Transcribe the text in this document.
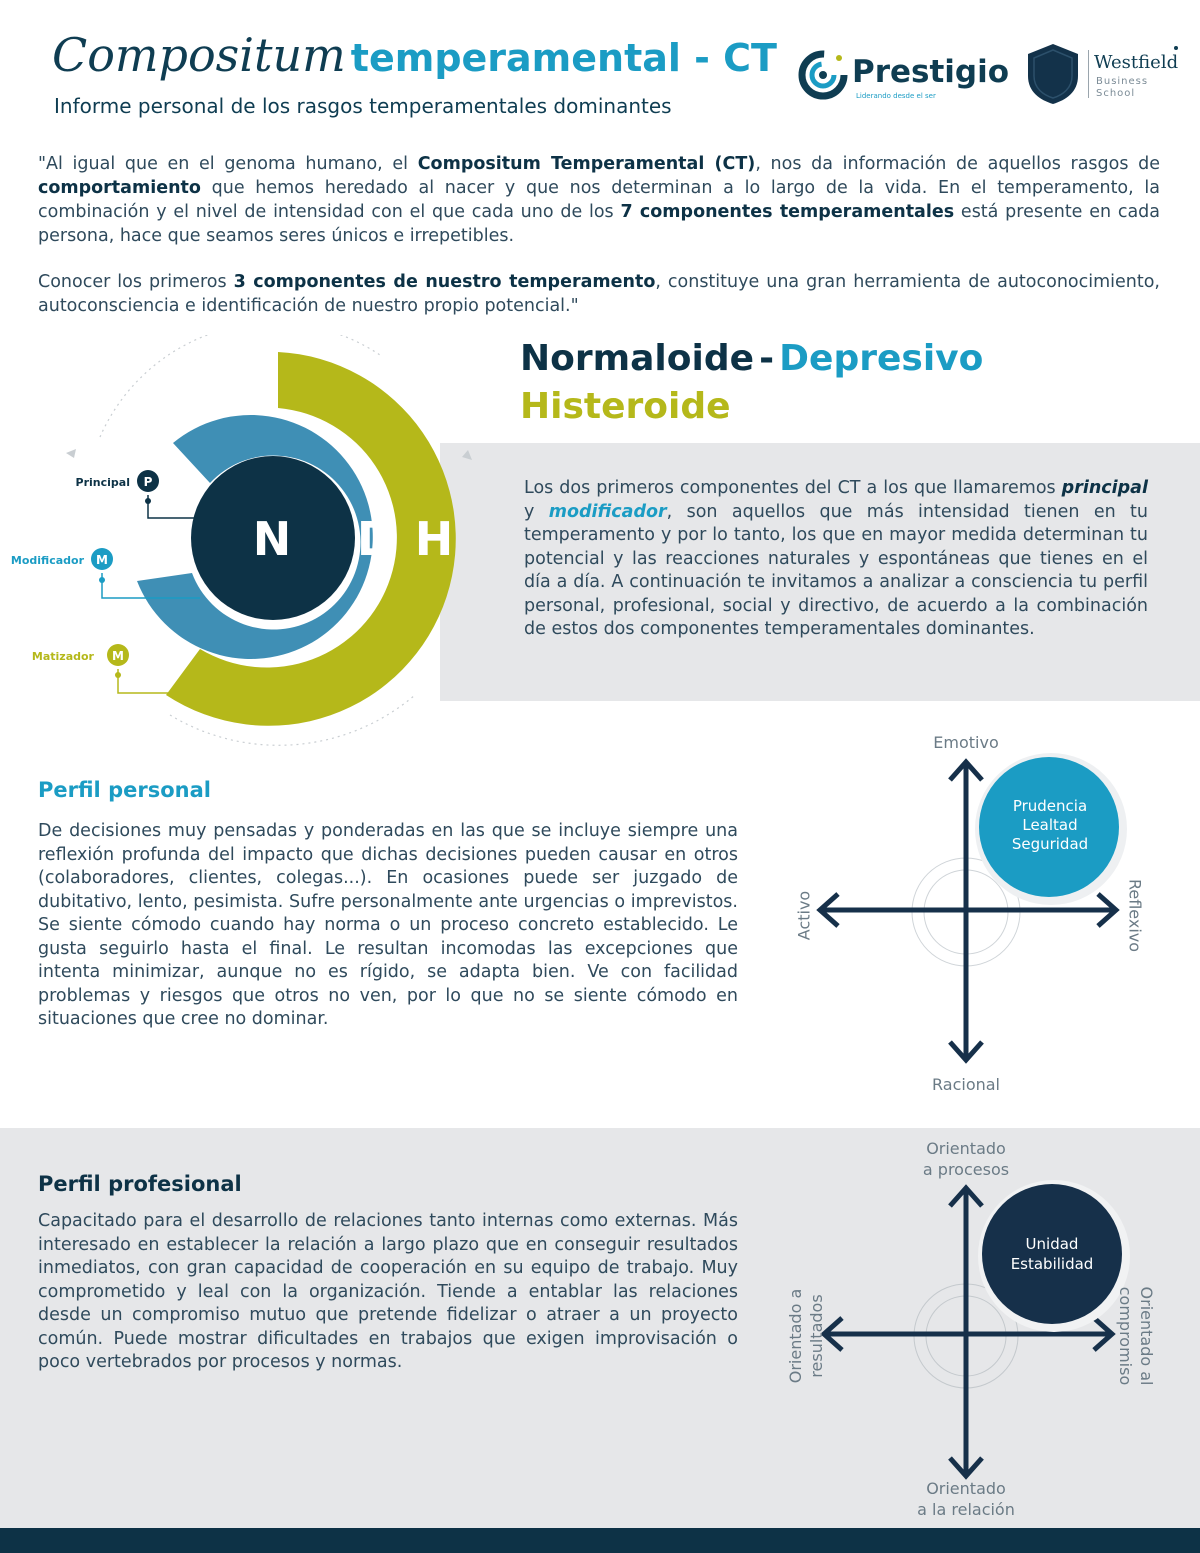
Compositum temperamental - CT
Informe personal de los rasgos temperamentales dominantes
Prestigio
Liderando desde el ser
Westfield
Business
School
"Al igual que en el genoma humano, el Compositum Temperamental (CT), nos da información de aquellos rasgos de comportamiento que hemos heredado al nacer y que nos determinan a lo largo de la vida. En el temperamento, la combinación y el nivel de intensidad con el que cada uno de los 7 componentes temperamentales está presente en cada persona, hace que seamos seres únicos e irrepetibles.
Conocer los primeros 3 componentes de nuestro temperamento, constituye una gran herramienta de autoconocimiento, autoconsciencia e identificación de nuestro propio potencial."
N D H
P
M
M
Principal
Modificador
Matizador
Normaloide - Depresivo
Histeroide
Los dos primeros componentes del CT a los que llamaremos principal y modificador, son aquellos que más intensidad tienen en tu temperamento y por lo tanto, los que en mayor medida determinan tu potencial y las reacciones naturales y espontáneas que tienes en el día a día. A continuación te invitamos a analizar a consciencia tu perfil personal, profesional, social y directivo, de acuerdo a la combinación de estos dos componentes temperamentales dominantes.
Perfil personal
De decisiones muy pensadas y ponderadas en las que se incluye siempre una reflexión profunda del impacto que dichas decisiones pueden causar en otros (colaboradores, clientes, colegas...). En ocasiones puede ser juzgado de dubitativo, lento, pesimista. Sufre personalmente ante urgencias o imprevistos. Se siente cómodo cuando hay norma o un proceso concreto establecido. Le gusta seguirlo hasta el final. Le resultan incomodas las excepciones que intenta minimizar, aunque no es rígido, se adapta bien. Ve con facilidad problemas y riesgos que otros no ven, por lo que no se siente cómodo en situaciones que cree no dominar.
Emotivo
Racional
Activo	Reflexivo
Prudencia
Lealtad
Seguridad
Perfil profesional
Capacitado para el desarrollo de relaciones tanto internas como externas. Más interesado en establecer la relación a largo plazo que en conseguir resultados inmediatos, con gran capacidad de cooperación en su equipo de trabajo. Muy comprometido y leal con la organización. Tiende a entablar las relaciones desde un compromiso mutuo que pretende fidelizar o atraer a un proyecto común. Puede mostrar dificultades en trabajos que exigen improvisación o poco vertebrados por procesos y normas.
Orientado
a procesos
Orientado
a la relación
Orientado a resultados	Orientado al
compromiso
Unidad
Estabilidad
